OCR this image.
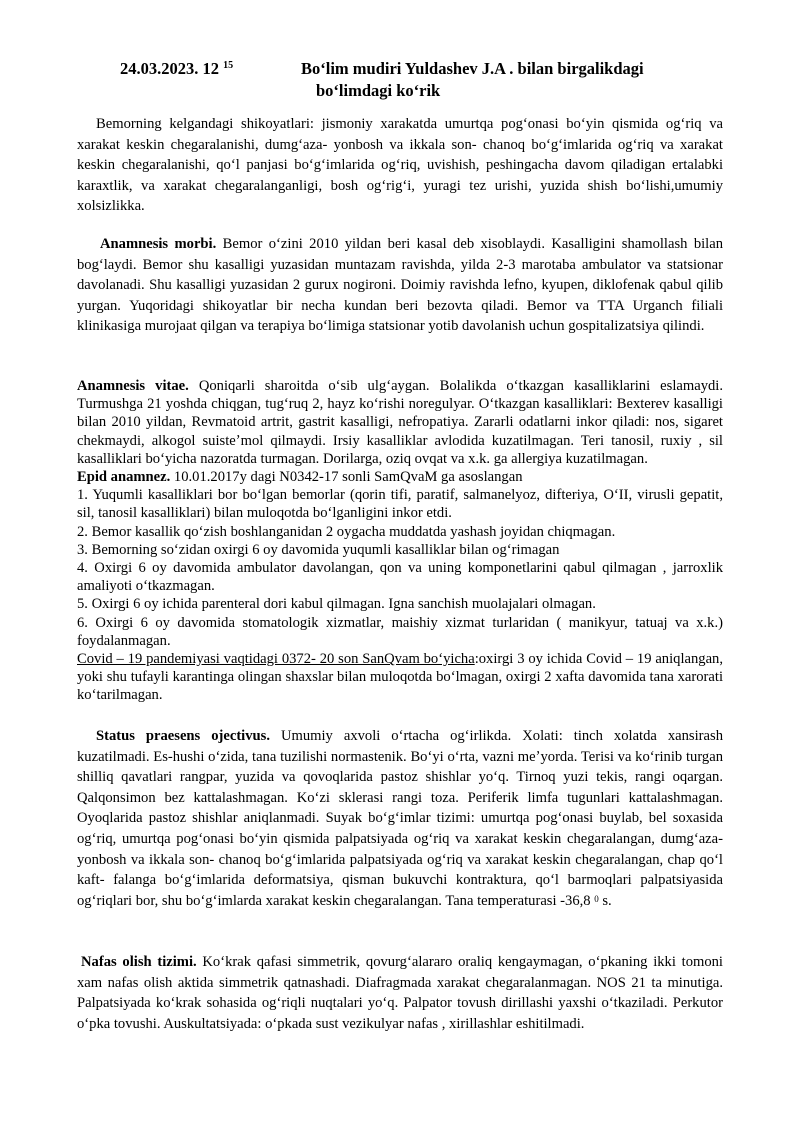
24.03.2023. 12 $^{15}$	Boʻlim mudiri Yuldashev J.A . bilan birgalikdagi
boʻlimdagi koʻrik

Bemorning kelgandagi shikoyatlari: jismoniy xarakatda umurtqa pogʻonasi boʻyin qismida ogʻriq va xarakat keskin chegaralanishi, dumgʻaza- yonbosh va ikkala son- chanoq boʻgʻimlarida ogʻriq va xarakat keskin chegaralanishi, qoʻl panjasi boʻgʻimlarida ogʻriq, uvishish, peshingacha davom qiladigan ertalabki karaxtlik, va xarakat chegaralanganligi, bosh ogʻrigʻi, yuragi tez urishi, yuzida shish boʻlishi,umumiy xolsizlikka.

Anamnesis morbi. Bemor oʻzini 2010 yildan beri kasal deb xisoblaydi. Kasalligini shamollash bilan bogʻlaydi. Bemor shu kasalligi yuzasidan muntazam ravishda, yilda 2-3 marotaba ambulator va statsionar davolanadi. Shu kasalligi yuzasidan 2 gurux nogironi. Doimiy ravishda lefno, kyupen, diklofenak qabul qilib yurgan. Yuqoridagi shikoyatlar bir necha kundan beri bezovta qiladi. Bemor va TTA Urganch filiali klinikasiga murojaat qilgan va terapiya boʻlimiga statsionar yotib davolanish uchun gospitalizatsiya qilindi.

Anamnesis vitae. Qoniqarli sharoitda oʻsib ulgʻaygan. Bolalikda oʻtkazgan kasalliklarini eslamaydi. Turmushga 21 yoshda chiqgan, tugʻruq 2, hayz koʻrishi noregulyar. Oʻtkazgan kasalliklari: Bexterev kasalligi bilan 2010 yildan, Revmatoid artrit, gastrit kasalligi, nefropatiya. Zararli odatlarni inkor qiladi: nos, sigaret chekmaydi, alkogol suisteʼmol qilmaydi. Irsiy kasalliklar avlodida kuzatilmagan. Teri tanosil, ruxiy , sil kasalliklari boʻyicha nazoratda turmagan. Dorilarga, oziq ovqat va x.k. ga allergiya kuzatilmagan.

Epid anamnez. 10.01.2017y dagi N0342-17 sonli SamQvaM ga asoslangan

1. Yuqumli kasalliklari bor boʻlgan bemorlar (qorin tifi, paratif, salmanelyoz, difteriya, OʻII, virusli gepatit, sil, tanosil kasalliklari) bilan muloqotda boʻlganligini inkor etdi.

2. Bemor kasallik qoʻzish boshlanganidan 2 oygacha muddatda yashash joyidan chiqmagan.

3. Bemorning soʻzidan oxirgi 6 oy davomida yuqumli kasalliklar bilan ogʻrimagan

4. Oxirgi 6 oy davomida ambulator davolangan, qon va uning komponetlarini qabul qilmagan , jarroxlik amaliyoti oʻtkazmagan.

5. Oxirgi 6 oy ichida parenteral dori kabul qilmagan. Igna sanchish muolajalari olmagan.

6. Oxirgi 6 oy davomida stomatologik xizmatlar, maishiy xizmat turlaridan ( manikyur, tatuaj va x.k.) foydalanmagan.

Covid – 19 pandemiyasi vaqtidagi 0372- 20 son SanQvam boʻyicha:oxirgi 3 oy ichida Covid – 19 aniqlangan, yoki shu tufayli karantinga olingan shaxslar bilan muloqotda boʻlmagan, oxirgi 2 xafta davomida tana xarorati koʻtarilmagan.

Status praesens ojectivus. Umumiy axvoli oʻrtacha ogʻirlikda. Xolati: tinch xolatda xansirash kuzatilmadi. Es-hushi oʻzida, tana tuzilishi normastenik. Boʻyi oʻrta, vazni meʼyorda. Terisi va koʻrinib turgan shilliq qavatlari rangpar, yuzida va qovoqlarida pastoz shishlar yoʻq. Tirnoq yuzi tekis, rangi oqargan. Qalqonsimon bez kattalashmagan. Koʻzi sklerasi rangi toza. Periferik limfa tugunlari kattalashmagan. Oyoqlarida pastoz shishlar aniqlanmadi. Suyak boʻgʻimlar tizimi: umurtqa pogʻonasi buylab, bel soxasida ogʻriq, umurtqa pogʻonasi boʻyin qismida palpatsiyada ogʻriq va xarakat keskin chegaralangan, dumgʻaza- yonbosh va ikkala son- chanoq boʻgʻimlarida palpatsiyada ogʻriq va xarakat keskin chegaralangan, chap qoʻl kaft- falanga boʻgʻimlarida deformatsiya, qisman bukuvchi kontraktura, qoʻl barmoqlari palpatsiyasida ogʻriqlari bor, shu boʻgʻimlarda xarakat keskin chegaralangan. Tana temperaturasi -36,8 $^0$ s.

Nafas olish tizimi. Koʻkrak qafasi simmetrik, qovurgʻalararo oraliq kengaymagan, oʻpkaning ikki tomoni xam nafas olish aktida simmetrik qatnashadi. Diafragmada xarakat chegaralanmagan. NOS 21 ta minutiga. Palpatsiyada koʻkrak sohasida ogʻriqli nuqtalari yoʻq. Palpator tovush dirillashi yaxshi oʻtkaziladi. Perkutor oʻpka tovushi. Auskultatsiyada: oʻpkada sust vezikulyar nafas , xirillashlar eshitilmadi.
